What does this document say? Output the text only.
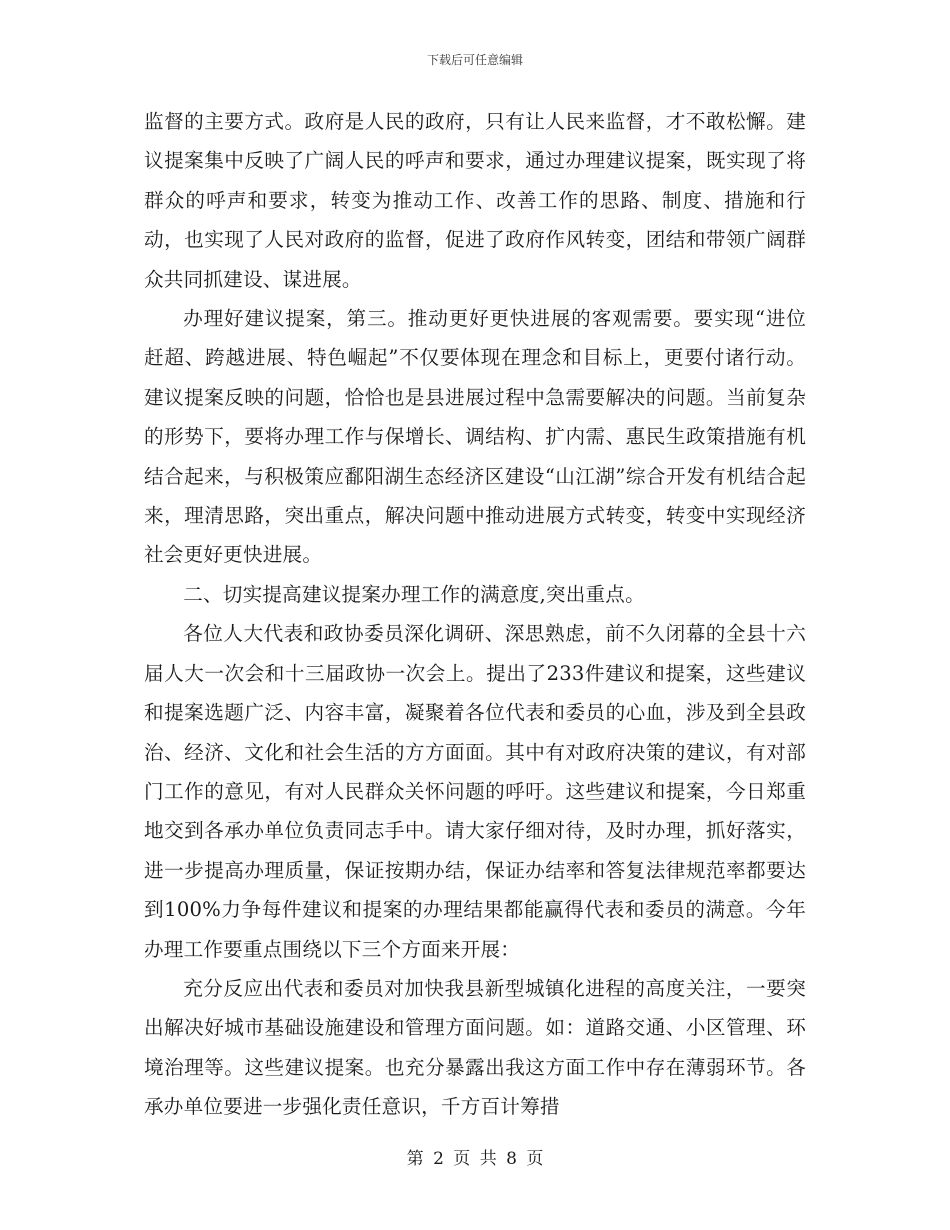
下载后可任意编辑

监督的主要方式。政府是人民的政府，只有让人民来监督，才不敢松懈。建议提案集中反映了广阔人民的呼声和要求，通过办理建议提案，既实现了将群众的呼声和要求，转变为推动工作、改善工作的思路、制度、措施和行动，也实现了人民对政府的监督，促进了政府作风转变，团结和带领广阔群众共同抓建设、谋进展。

办理好建议提案，第三。推动更好更快进展的客观需要。要实现“进位赶超、跨越进展、特色崛起”不仅要体现在理念和目标上，更要付诸行动。建议提案反映的问题，恰恰也是县进展过程中急需要解决的问题。当前复杂的形势下，要将办理工作与保增长、调结构、扩内需、惠民生政策措施有机结合起来，与积极策应鄱阳湖生态经济区建设“山江湖”综合开发有机结合起来，理清思路，突出重点，解决问题中推动进展方式转变，转变中实现经济社会更好更快进展。

二、切实提高建议提案办理工作的满意度,突出重点。

各位人大代表和政协委员深化调研、深思熟虑，前不久闭幕的全县十六届人大一次会和十三届政协一次会上。提出了233件建议和提案，这些建议和提案选题广泛、内容丰富，凝聚着各位代表和委员的心血，涉及到全县政治、经济、文化和社会生活的方方面面。其中有对政府决策的建议，有对部门工作的意见，有对人民群众关怀问题的呼吁。这些建议和提案，今日郑重地交到各承办单位负责同志手中。请大家仔细对待，及时办理，抓好落实，进一步提高办理质量，保证按期办结，保证办结率和答复法律规范率都要达到100%力争每件建议和提案的办理结果都能赢得代表和委员的满意。今年办理工作要重点围绕以下三个方面来开展：

充分反应出代表和委员对加快我县新型城镇化进程的高度关注，一要突出解决好城市基础设施建设和管理方面问题。如：道路交通、小区管理、环境治理等。这些建议提案。也充分暴露出我这方面工作中存在薄弱环节。各承办单位要进一步强化责任意识，千方百计筹措

第 2 页 共 8 页
